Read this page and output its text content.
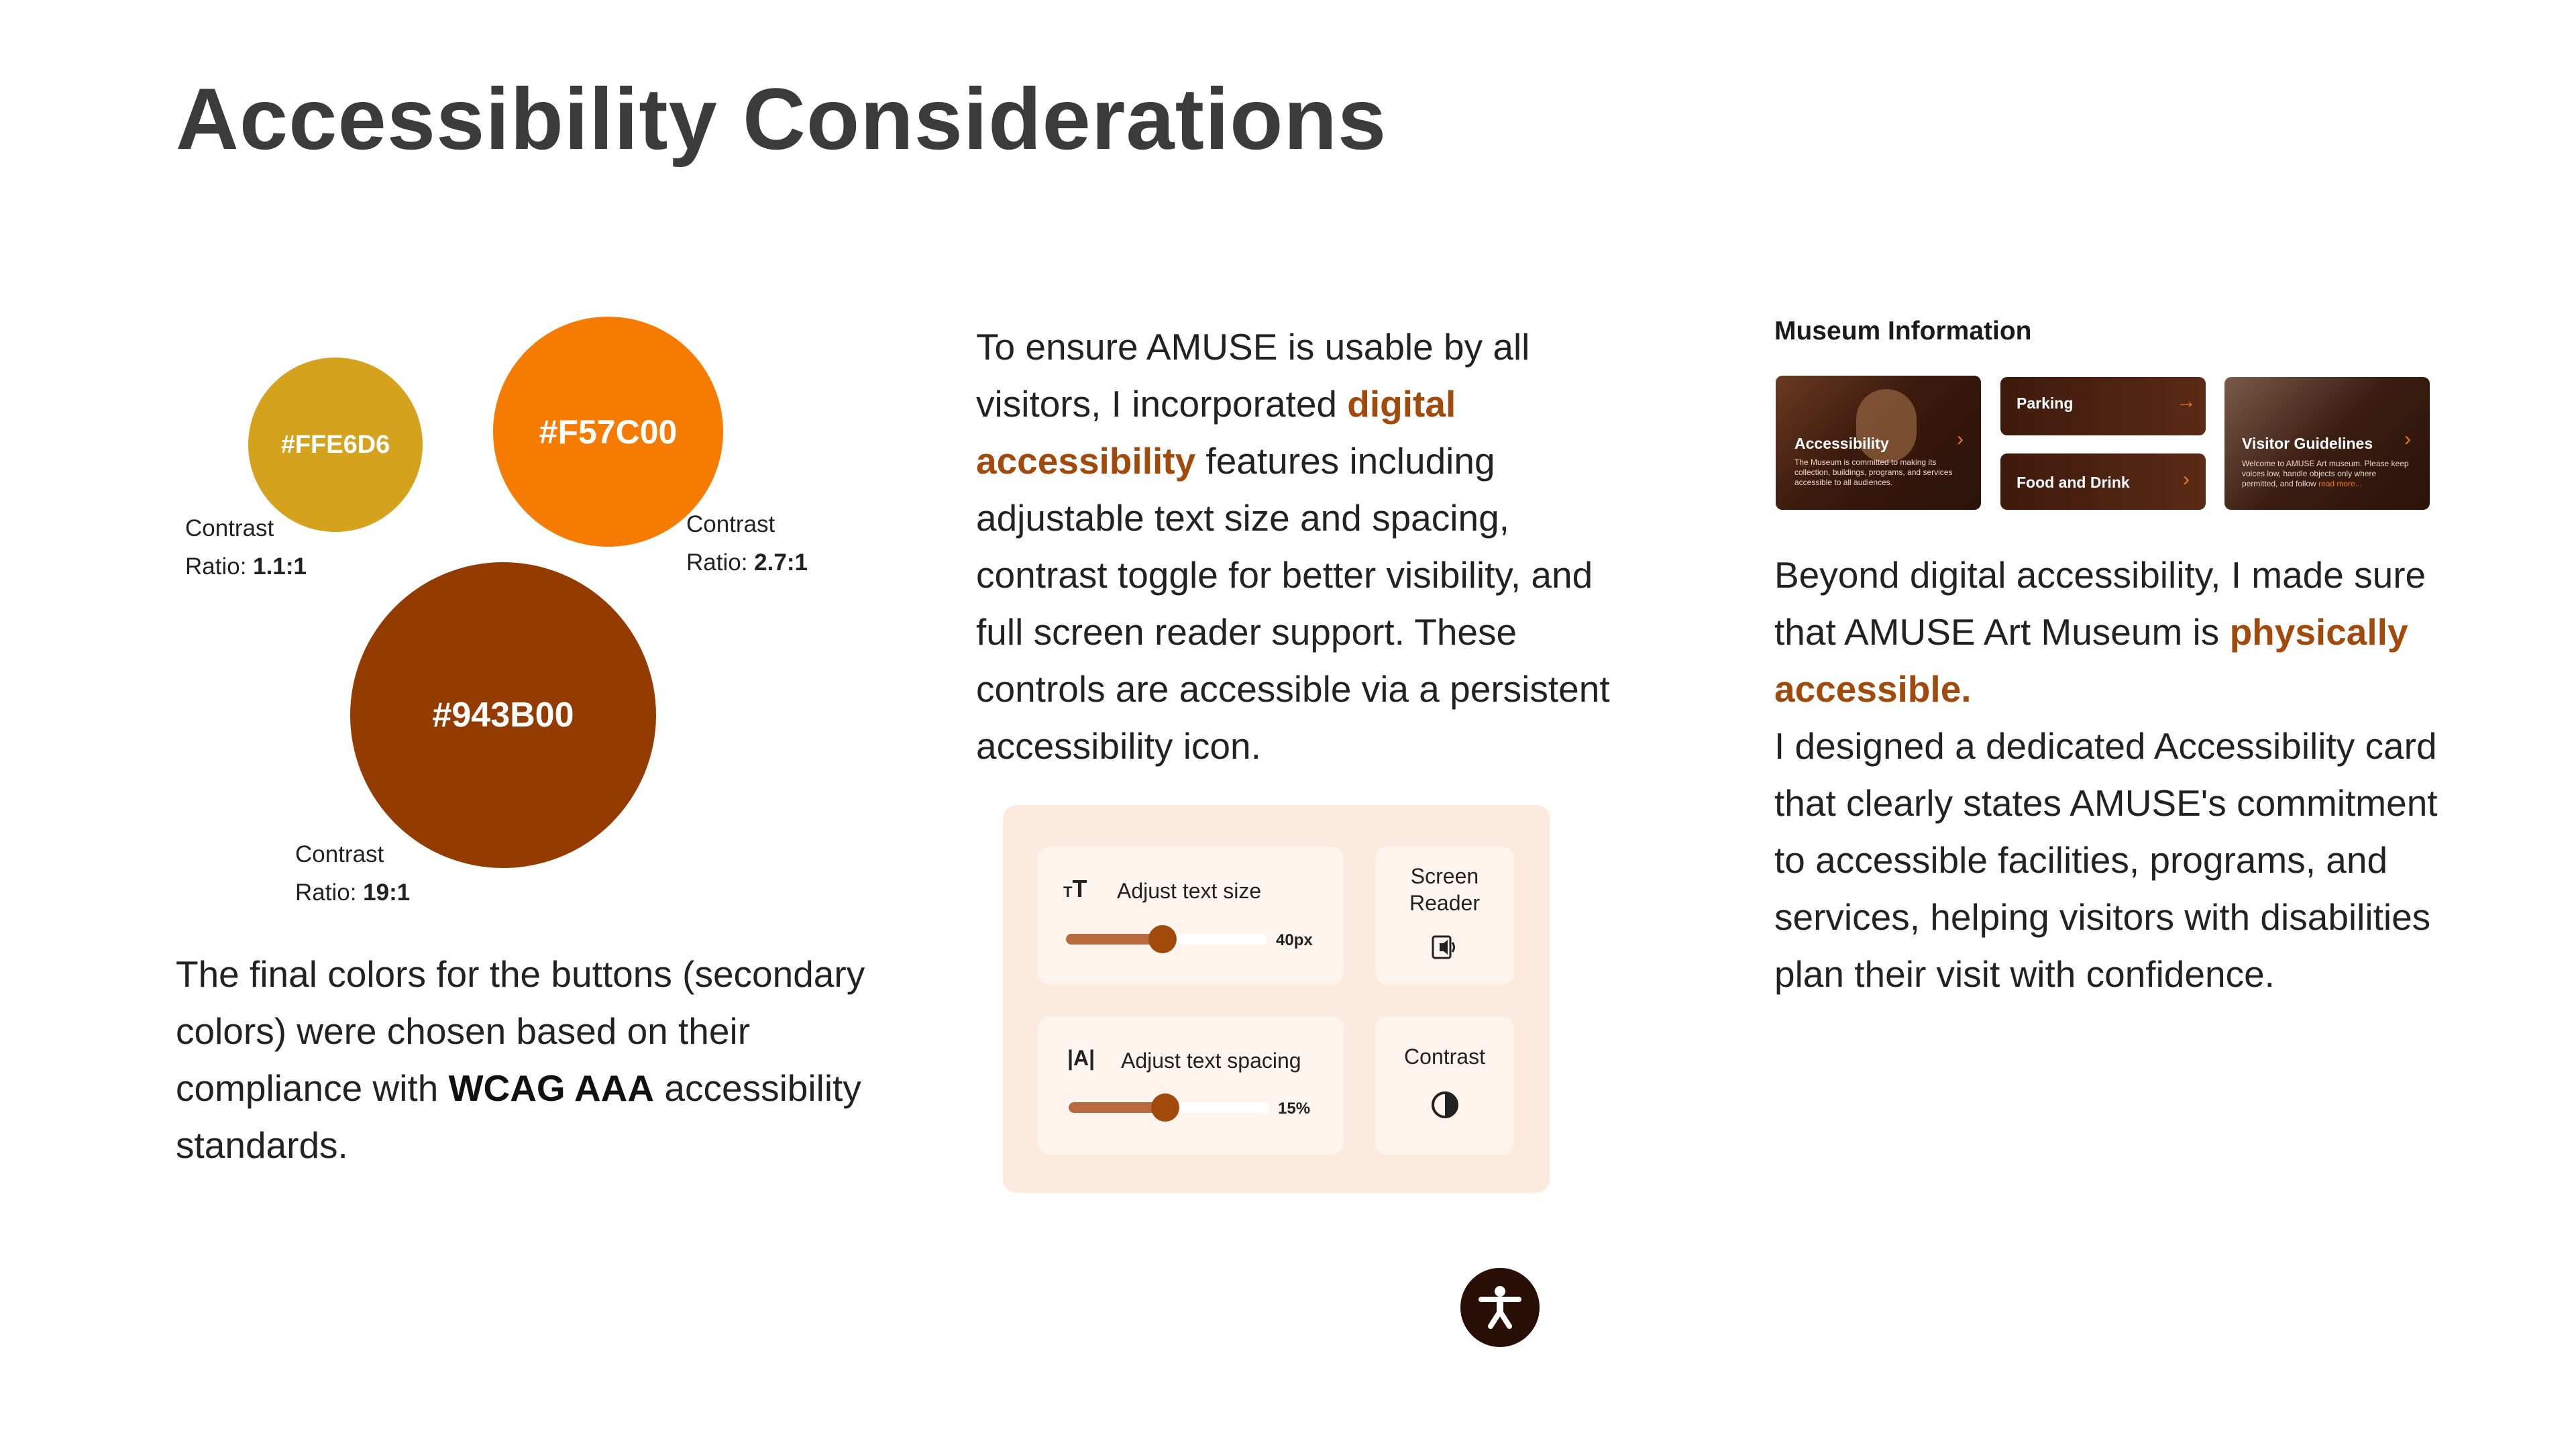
Accessibility Considerations
#FFE6D6	#F57C00
#943B00
Contrast
Ratio: 1.1:1
Contrast
Ratio: 2.7:1
Contrast
Ratio: 19:1
The final colors for the buttons (secondary colors) were chosen based on their compliance with WCAG AAA accessibility standards.
To ensure AMUSE is usable by all visitors, I incorporated digital accessibility features including adjustable text size and spacing, contrast toggle for better visibility, and full screen reader support. These controls are accessible via a persistent accessibility icon.
TT Adjust text size
40px
|A| Adjust text spacing
15%
Screen
Reader
Contrast
Museum Information
Accessibility
The Museum is committed to making its collection, buildings, programs, and services accessible to all audiences.
›
Parking	→
Food and Drink	›
Visitor Guidelines
Welcome to AMUSE Art museum. Please keep voices low, handle objects only where permitted, and follow read more...
›
Beyond digital accessibility, I made sure that AMUSE Art Museum is physically accessible.
I designed a dedicated Accessibility card that clearly states AMUSE's commitment to accessible facilities, programs, and services, helping visitors with disabilities plan their visit with confidence.
